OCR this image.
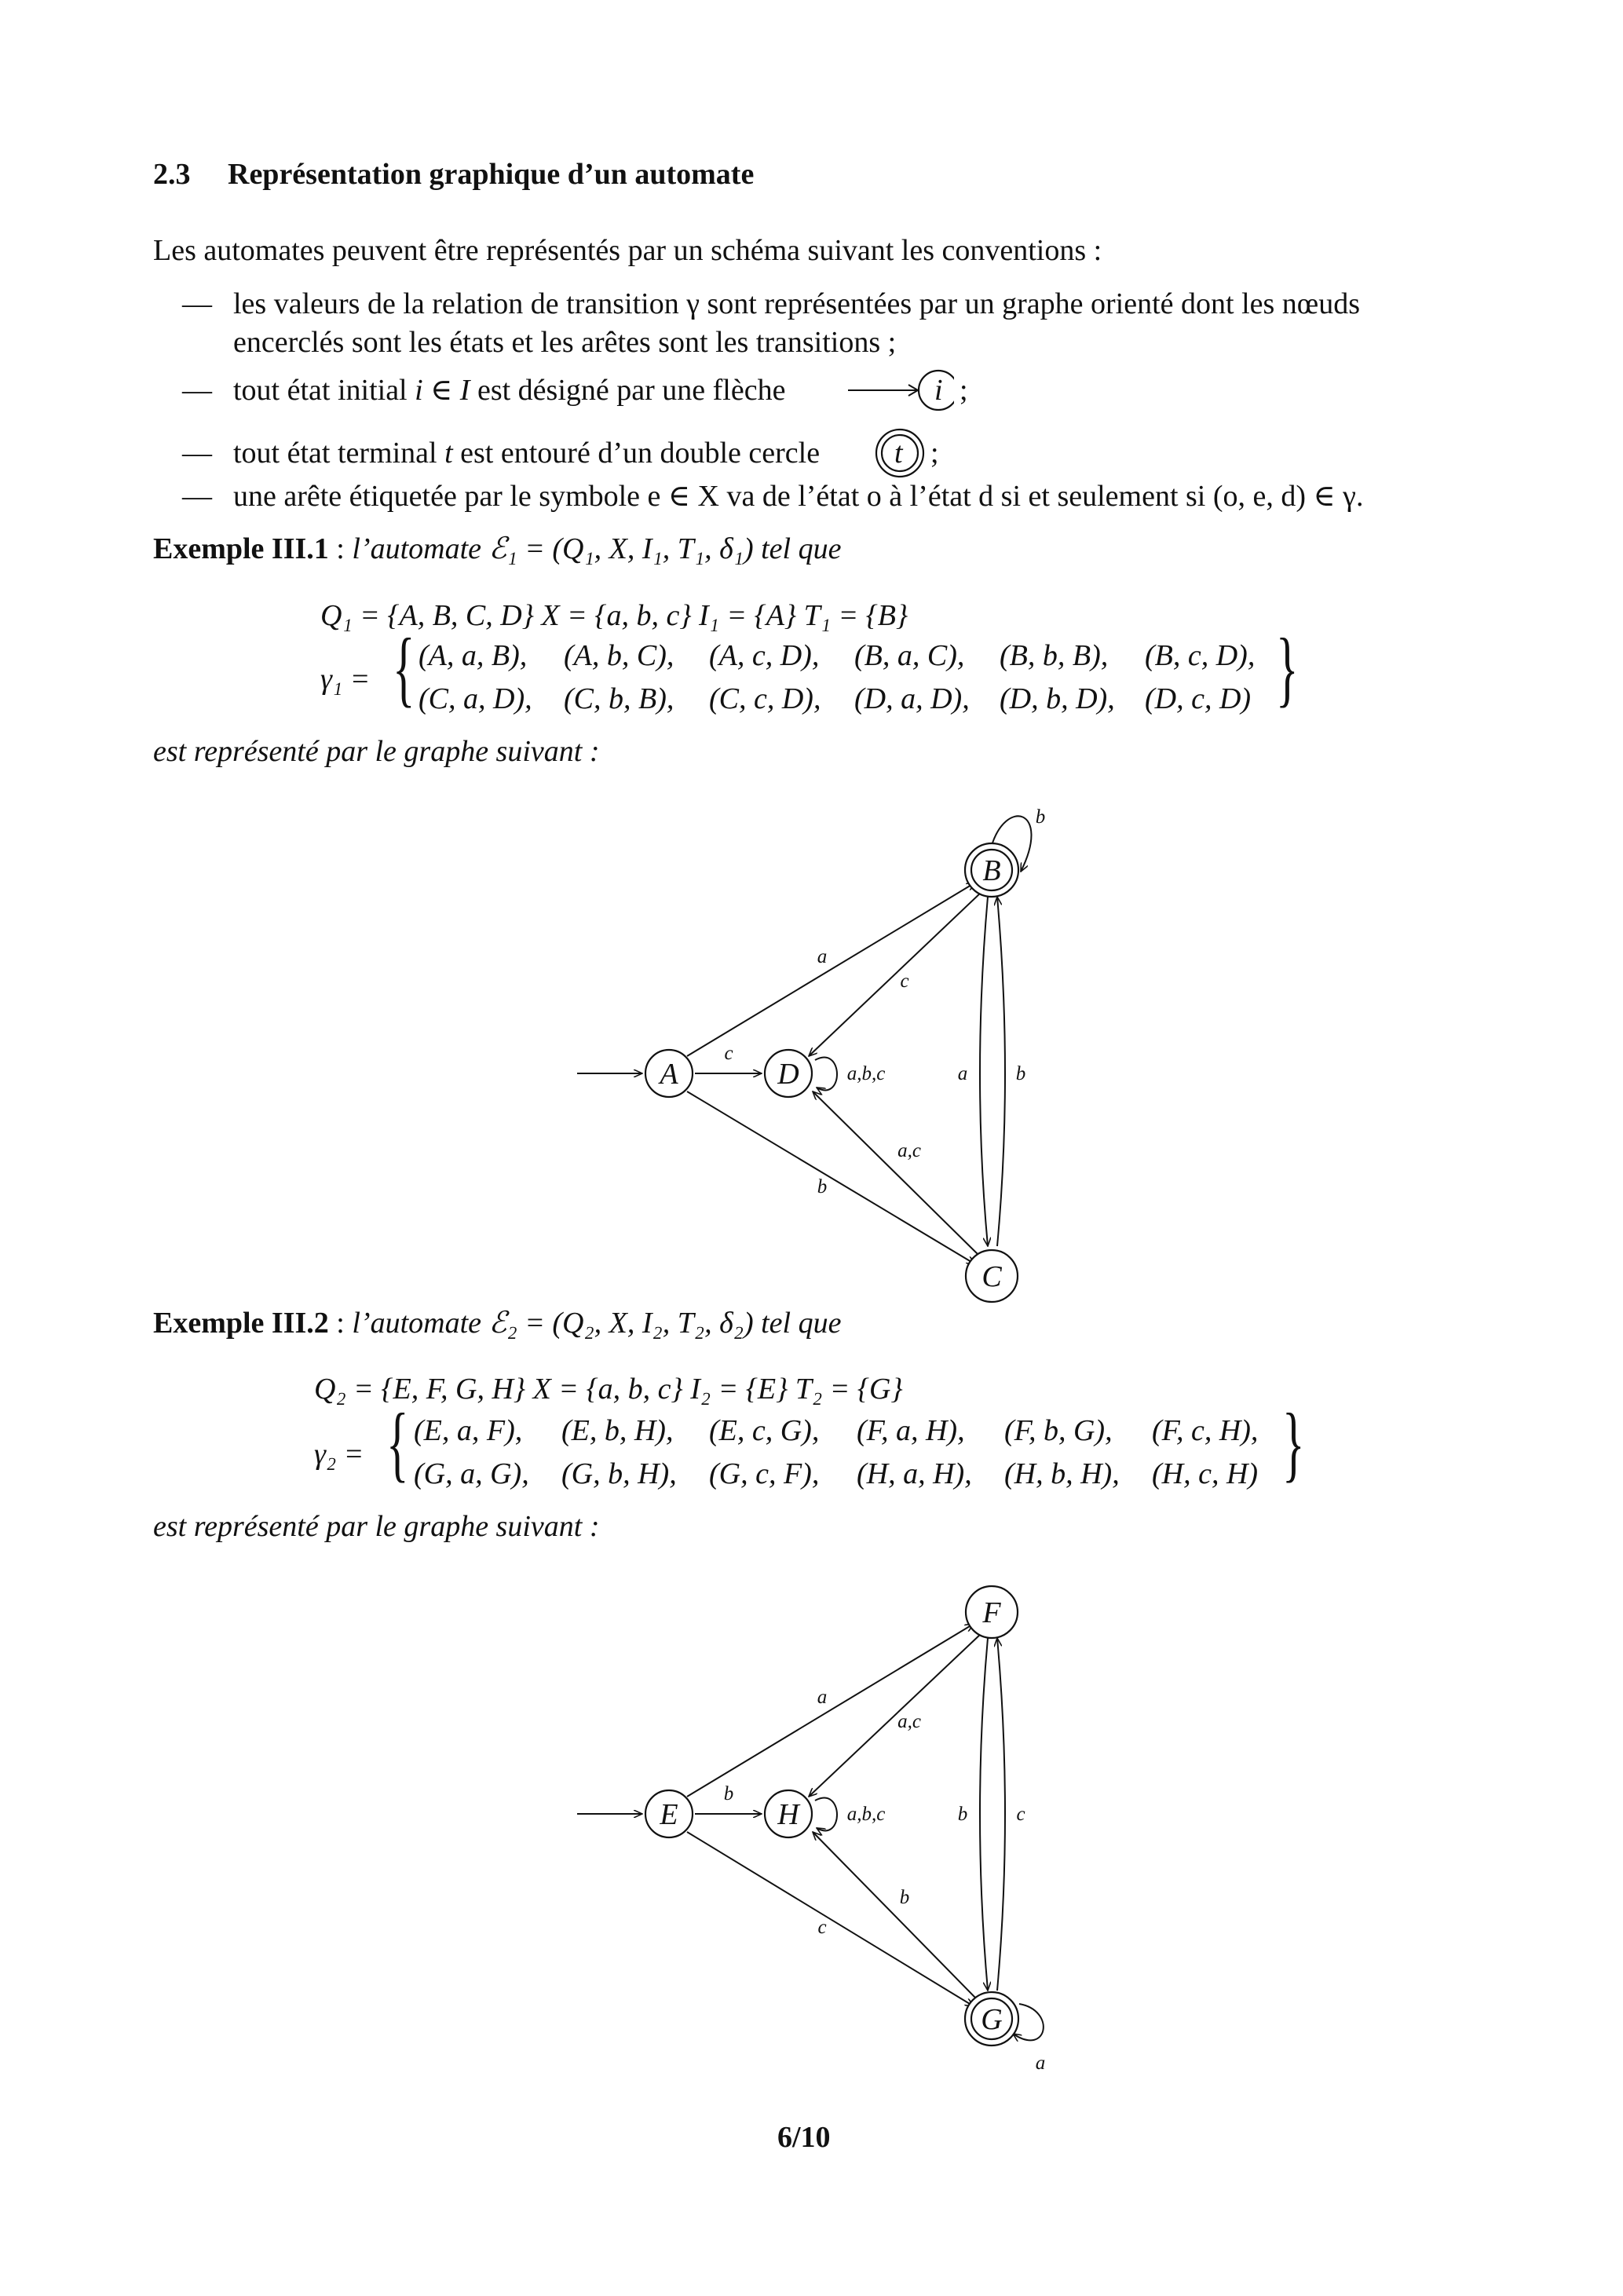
2.3 Représentation graphique d’un automate
Les automates peuvent être représentés par un schéma suivant les conventions :
— les valeurs de la relation de transition γ sont représentées par un graphe orienté dont les nœuds
encerclés sont les états et les arêtes sont les transitions ;
— tout état initial i ∈ I est désigné par une flèche	i ;
— tout état terminal t est entouré d’un double cercle t ;
— une arête étiquetée par le symbole e ∈ X va de l’état o à l’état d si et seulement si (o, e, d) ∈ γ.
Exemple III.1 : l’automate ℰ₁ = (Q₁, X, I₁, T₁, δ₁) tel que
Q₁ = {A, B, C, D} X = {a, b, c} I₁ = {A} T₁ = {B}
γ₁ = {	}
(A, a, B), (A, b, C), (A, c, D), (B, a, C), (B, b, B), (B, c, D),
(C, a, D), (C, b, B), (C, c, D), (D, a, D), (D, b, D), (D, c, D)
est représenté par le graphe suivant :
A
B
C
D
a
c
c
a,b,c	a b
b
a,c
b
Exemple III.2 : l’automate ℰ₂ = (Q₂, X, I₂, T₂, δ₂) tel que
Q₂ = {E, F, G, H} X = {a, b, c} I₂ = {E} T₂ = {G}
γ₂ = {	}
(E, a, F), (E, b, H), (E, c, G), (F, a, H), (F, b, G), (F, c, H),
(G, a, G), (G, b, H), (G, c, F), (H, a, H), (H, b, H), (H, c, H)
est représenté par le graphe suivant :
E
F
G
H
a
a,c
b
a,b,c	b c
c
b
a
6/10
